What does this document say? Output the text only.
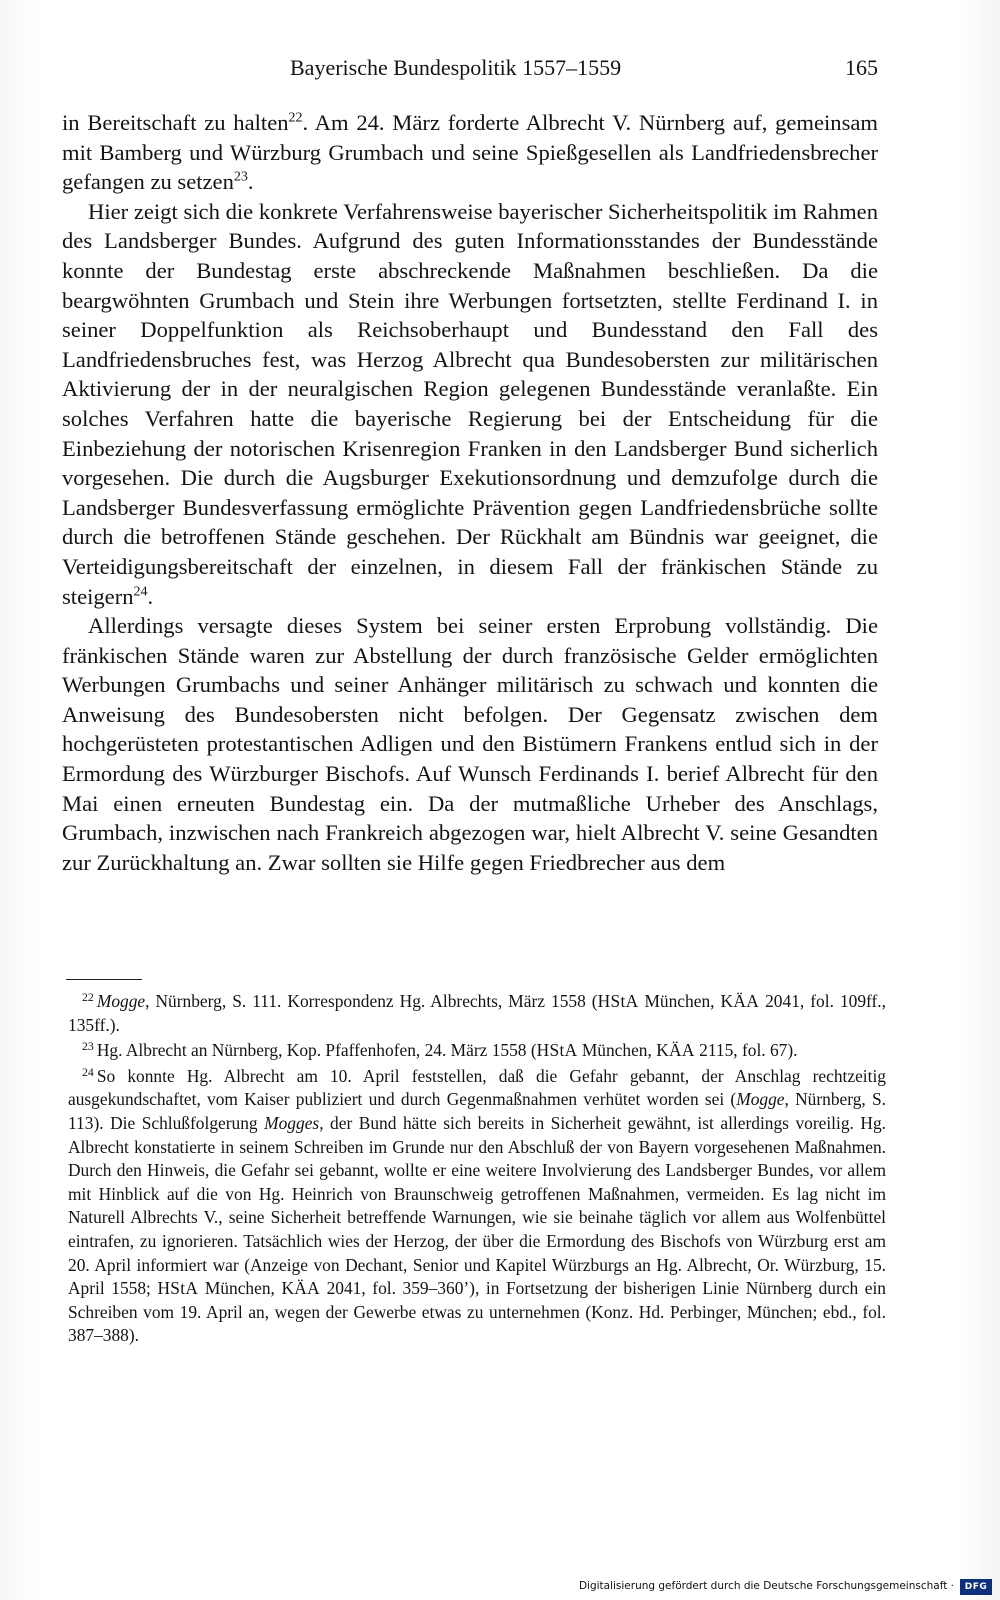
Bayerische Bundespolitik 1557–1559	165

in Bereitschaft zu halten$^{22}$. Am 24. März forderte Albrecht V. Nürnberg auf, gemeinsam mit Bamberg und Würzburg Grumbach und seine Spießgesellen als Landfriedensbrecher gefangen zu setzen$^{23}$.

Hier zeigt sich die konkrete Verfahrensweise bayerischer Sicherheitspolitik im Rahmen des Landsberger Bundes. Aufgrund des guten Informationsstandes der Bundesstände konnte der Bundestag erste abschreckende Maßnahmen beschließen. Da die beargwöhnten Grumbach und Stein ihre Werbungen fortsetzten, stellte Ferdinand I. in seiner Doppelfunktion als Reichsoberhaupt und Bundesstand den Fall des Landfriedensbruches fest, was Herzog Albrecht qua Bundesobersten zur militärischen Aktivierung der in der neuralgischen Region gelegenen Bundesstände veranlaßte. Ein solches Verfahren hatte die bayerische Regierung bei der Entscheidung für die Einbeziehung der notorischen Krisenregion Franken in den Landsberger Bund sicherlich vorgesehen. Die durch die Augsburger Exekutionsordnung und demzufolge durch die Landsberger Bundesverfassung ermöglichte Prävention gegen Landfriedensbrüche sollte durch die betroffenen Stände geschehen. Der Rückhalt am Bündnis war geeignet, die Verteidigungsbereitschaft der einzelnen, in diesem Fall der fränkischen Stände zu steigern$^{24}$.

Allerdings versagte dieses System bei seiner ersten Erprobung vollständig. Die fränkischen Stände waren zur Abstellung der durch französische Gelder ermöglichten Werbungen Grumbachs und seiner Anhänger militärisch zu schwach und konnten die Anweisung des Bundesobersten nicht befolgen. Der Gegensatz zwischen dem hochgerüsteten protestantischen Adligen und den Bistümern Frankens entlud sich in der Ermordung des Würzburger Bischofs. Auf Wunsch Ferdinands I. berief Albrecht für den Mai einen erneuten Bundestag ein. Da der mutmaßliche Urheber des Anschlags, Grumbach, inzwischen nach Frankreich abgezogen war, hielt Albrecht V. seine Gesandten zur Zurückhaltung an. Zwar sollten sie Hilfe gegen Friedbrecher aus dem

$^{22}$ Mogge, Nürnberg, S. 111. Korrespondenz Hg. Albrechts, März 1558 (HStA München, KÄA 2041, fol. 109ff., 135ff.).

$^{23}$ Hg. Albrecht an Nürnberg, Kop. Pfaffenhofen, 24. März 1558 (HStA München, KÄA 2115, fol. 67).

$^{24}$ So konnte Hg. Albrecht am 10. April feststellen, daß die Gefahr gebannt, der Anschlag rechtzeitig ausgekundschaftet, vom Kaiser publiziert und durch Gegenmaßnahmen verhütet worden sei (Mogge, Nürnberg, S. 113). Die Schlußfolgerung Mogges, der Bund hätte sich bereits in Sicherheit gewähnt, ist allerdings voreilig. Hg. Albrecht konstatierte in seinem Schreiben im Grunde nur den Abschluß der von Bayern vorgesehenen Maßnahmen. Durch den Hinweis, die Gefahr sei gebannt, wollte er eine weitere Involvierung des Landsberger Bundes, vor allem mit Hinblick auf die von Hg. Heinrich von Braunschweig getroffenen Maßnahmen, vermeiden. Es lag nicht im Naturell Albrechts V., seine Sicherheit betreffende Warnungen, wie sie beinahe täglich vor allem aus Wolfenbüttel eintrafen, zu ignorieren. Tatsächlich wies der Herzog, der über die Ermordung des Bischofs von Würzburg erst am 20. April informiert war (Anzeige von Dechant, Senior und Kapitel Würzburgs an Hg. Albrecht, Or. Würzburg, 15. April 1558; HStA München, KÄA 2041, fol. 359–360’), in Fortsetzung der bisherigen Linie Nürnberg durch ein Schreiben vom 19. April an, wegen der Gewerbe etwas zu unternehmen (Konz. Hd. Perbinger, München; ebd., fol. 387–388).

Digitalisierung gefördert durch die Deutsche Forschungsgemeinschaft ·	DFG
